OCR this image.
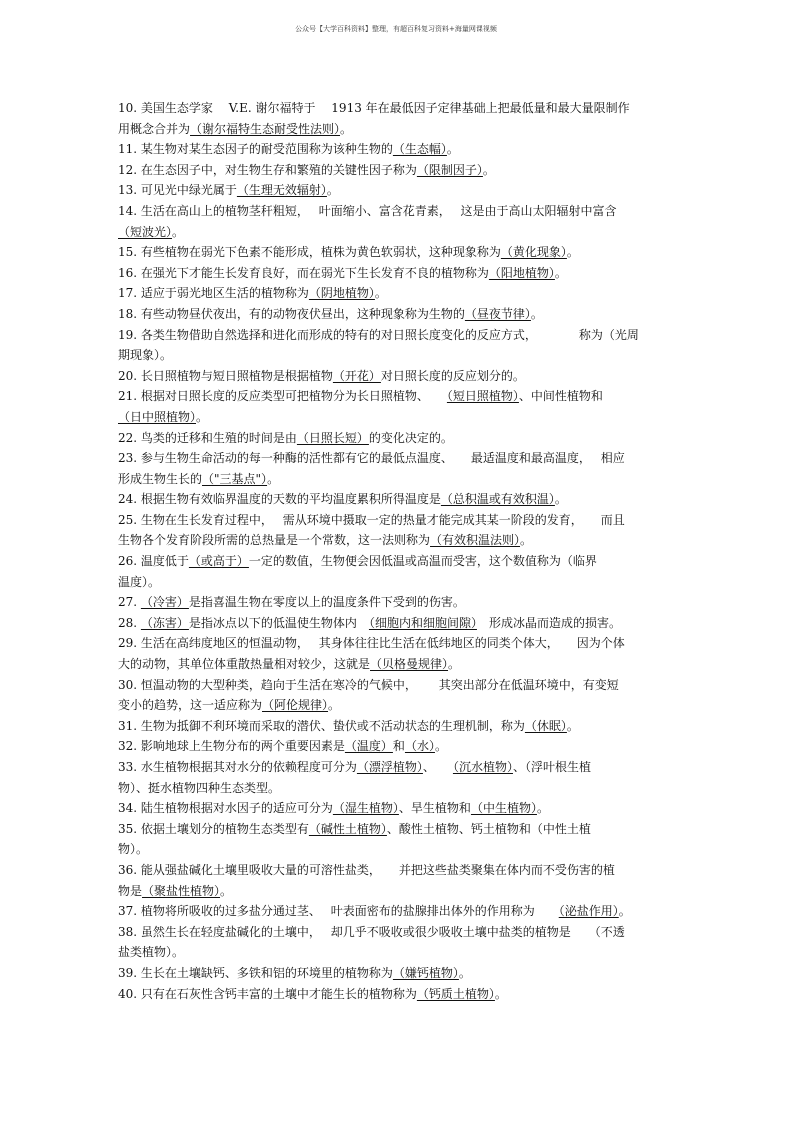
公众号【大学百科资料】整理，有超百科复习资料+海量网课视频
10. 美国生态学家　 V.E. 谢尔福特于　 1913 年在最低因子定律基础上把最低量和最大量限制作
用概念合并为（谢尔福特生态耐受性法则）。
11. 某生物对某生态因子的耐受范围称为该种生物的（生态幅）。
12. 在生态因子中，对生物生存和繁殖的关键性因子称为（限制因子）。
13. 可见光中绿光属于（生理无效辐射）。
14. 生活在高山上的植物茎秆粗短，　 叶面缩小、富含花青素，　 这是由于高山太阳辐射中富含
（短波光）。
15. 有些植物在弱光下色素不能形成，植株为黄色软弱状，这种现象称为（黄化现象）。
16. 在强光下才能生长发育良好，而在弱光下生长发育不良的植物称为（阳地植物）。
17. 适应于弱光地区生活的植物称为（阴地植物）。
18. 有些动物昼伏夜出，有的动物夜伏昼出，这种现象称为生物的（昼夜节律）。
19. 各类生物借助自然选择和进化而形成的特有的对日照长度变化的反应方式，　　　　称为（光周
期现象）。
20. 长日照植物与短日照植物是根据植物（开花）对日照长度的反应划分的。
21. 根据对日照长度的反应类型可把植物分为长日照植物、　　（短日照植物）、中间性植物和
（日中照植物）。
22. 鸟类的迁移和生殖的时间是由（日照长短）的变化决定的。
23. 参与生物生命活动的每一种酶的活性都有它的最低点温度、　　最适温度和最高温度，　 相应
形成生物生长的（"三基点"）。
24. 根据生物有效临界温度的天数的平均温度累积所得温度是（总积温或有效积温）。
25. 生物在生长发育过程中，　 需从环境中摄取一定的热量才能完成其某一阶段的发育，　　而且
生物各个发育阶段所需的总热量是一个常数，这一法则称为（有效积温法则）。
26. 温度低于（或高于）一定的数值，生物便会因低温或高温而受害，这个数值称为（临界
温度）。
27. （冷害）是指喜温生物在零度以上的温度条件下受到的伤害。
28. （冻害）是指冰点以下的低温使生物体内　（细胞内和细胞间隙）　形成冰晶而造成的损害。
29. 生活在高纬度地区的恒温动物，　 其身体往往比生活在低纬地区的同类个体大，　　因为个体
大的动物，其单位体重散热量相对较少，这就是（贝格曼规律）。
30. 恒温动物的大型种类，趋向于生活在寒冷的气候中，　　 其突出部分在低温环境中，有变短
变小的趋势，这一适应称为（阿伦规律）。
31. 生物为抵御不利环境而采取的潜伏、蛰伏或不活动状态的生理机制，称为（休眠）。
32. 影响地球上生物分布的两个重要因素是（温度）和（水）。
33. 水生植物根据其对水分的依赖程度可分为（漂浮植物）、　　（沉水植物）、（浮叶根生植
物）、挺水植物四种生态类型。
34. 陆生植物根据对水因子的适应可分为（湿生植物）、旱生植物和（中生植物）。
35. 依据土壤划分的植物生态类型有（碱性土植物）、酸性土植物、钙土植物和（中性土植
物）。
36. 能从强盐碱化土壤里吸收大量的可溶性盐类，　　并把这些盐类聚集在体内而不受伤害的植
物是（聚盐性植物）。
37. 植物将所吸收的过多盐分通过茎、　 叶表面密布的盐腺排出体外的作用称为　　（泌盐作用）。
38. 虽然生长在轻度盐碱化的土壤中，　 却几乎不吸收或很少吸收土壤中盐类的植物是　　（不透
盐类植物）。
39. 生长在土壤缺钙、多铁和铝的环境里的植物称为（嫌钙植物）。
40. 只有在石灰性含钙丰富的土壤中才能生长的植物称为（钙质土植物）。
